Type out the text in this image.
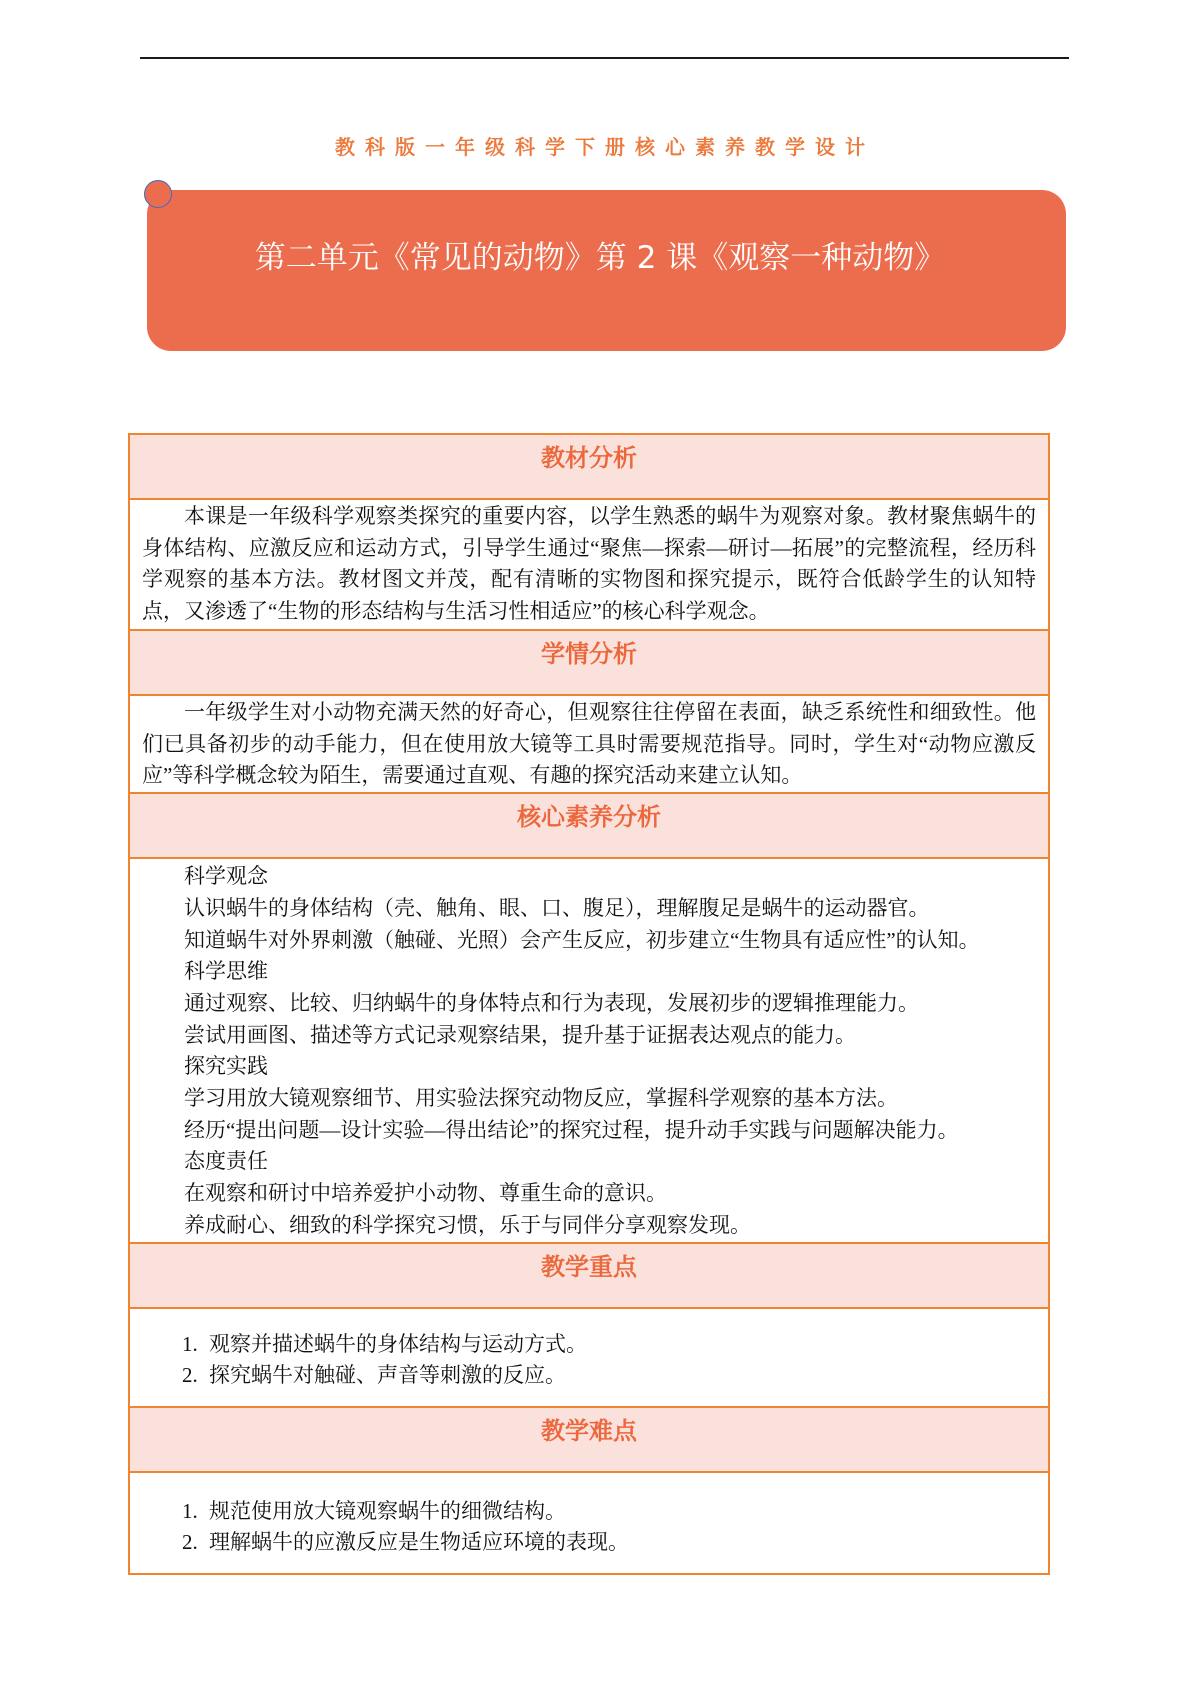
教科版一年级科学下册核心素养教学设计
第二单元《常见的动物》第 2 课《观察一种动物》
教材分析

本课是一年级科学观察类探究的重要内容，以学生熟悉的蜗牛为观察对象。教材聚焦蜗牛的身体结构、应激反应和运动方式，引导学生通过“聚焦—探索—研讨—拓展”的完整流程，经历科学观察的基本方法。教材图文并茂，配有清晰的实物图和探究提示，既符合低龄学生的认知特点，又渗透了“生物的形态结构与生活习性相适应”的核心科学观念。

学情分析

一年级学生对小动物充满天然的好奇心，但观察往往停留在表面，缺乏系统性和细致性。他们已具备初步的动手能力，但在使用放大镜等工具时需要规范指导。同时，学生对“动物应激反应”等科学概念较为陌生，需要通过直观、有趣的探究活动来建立认知。

核心素养分析

科学观念

认识蜗牛的身体结构（壳、触角、眼、口、腹足），理解腹足是蜗牛的运动器官。

知道蜗牛对外界刺激（触碰、光照）会产生反应，初步建立“生物具有适应性”的认知。

科学思维

通过观察、比较、归纳蜗牛的身体特点和行为表现，发展初步的逻辑推理能力。

尝试用画图、描述等方式记录观察结果，提升基于证据表达观点的能力。

探究实践

学习用放大镜观察细节、用实验法探究动物反应，掌握科学观察的基本方法。

经历“提出问题—设计实验—得出结论”的探究过程，提升动手实践与问题解决能力。

态度责任

在观察和研讨中培养爱护小动物、尊重生命的意识。

养成耐心、细致的科学探究习惯，乐于与同伴分享观察发现。

教学重点
1. 观察并描述蜗牛的身体结构与运动方式。
2. 探究蜗牛对触碰、声音等刺激的反应。
教学难点
1. 规范使用放大镜观察蜗牛的细微结构。
2. 理解蜗牛的应激反应是生物适应环境的表现。
